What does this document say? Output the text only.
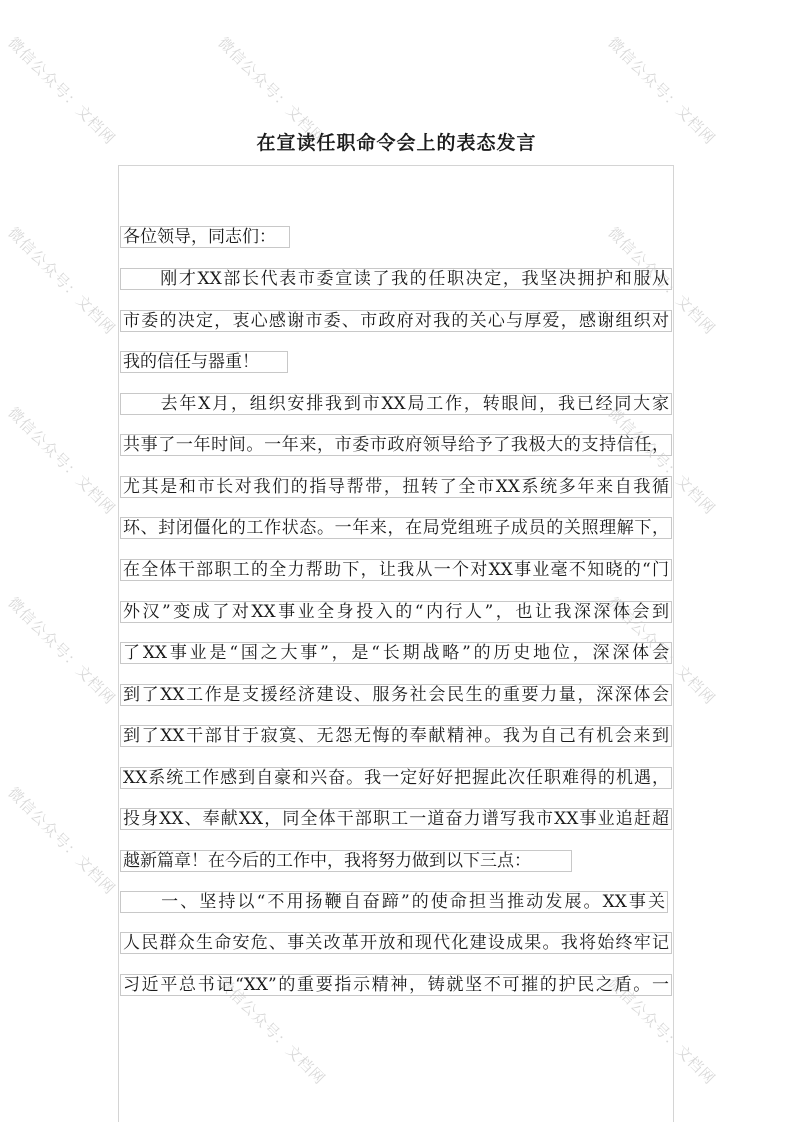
微信公众号：文档网	微信公众号：文档网	微信公众号：文档网
微信公众号：文档网	微信公众号：文档网
微信公众号：文档网	微信公众号：文档网
微信公众号：文档网	微信公众号：文档网
微信公众号：文档网
微信公众号：文档网	微信公众号：文档网
在宣读任职命令会上的表态发言
各位领导，同志们：
　　刚才XX部长代表市委宣读了我的任职决定，我坚决拥护和服从
市委的决定，衷心感谢市委、市政府对我的关心与厚爱，感谢组织对
我的信任与器重！
　　去年X月，组织安排我到市XX局工作，转眼间，我已经同大家
共事了一年时间。一年来，市委市政府领导给予了我极大的支持信任，
尤其是和市长对我们的指导帮带，扭转了全市XX系统多年来自我循
环、封闭僵化的工作状态。一年来，在局党组班子成员的关照理解下，
在全体干部职工的全力帮助下，让我从一个对XX事业毫不知晓的“门
外汉”变成了对XX事业全身投入的“内行人”，也让我深深体会到
了XX事业是“国之大事”，是“长期战略”的历史地位，深深体会
到了XX工作是支援经济建设、服务社会民生的重要力量，深深体会
到了XX干部甘于寂寞、无怨无悔的奉献精神。我为自己有机会来到
XX系统工作感到自豪和兴奋。我一定好好把握此次任职难得的机遇，
投身XX、奉献XX，同全体干部职工一道奋力谱写我市XX事业追赶超
越新篇章！在今后的工作中，我将努力做到以下三点：
　　一、坚持以“不用扬鞭自奋蹄”的使命担当推动发展。XX事关
人民群众生命安危、事关改革开放和现代化建设成果。我将始终牢记
习近平总书记“XX”的重要指示精神，铸就坚不可摧的护民之盾。一
